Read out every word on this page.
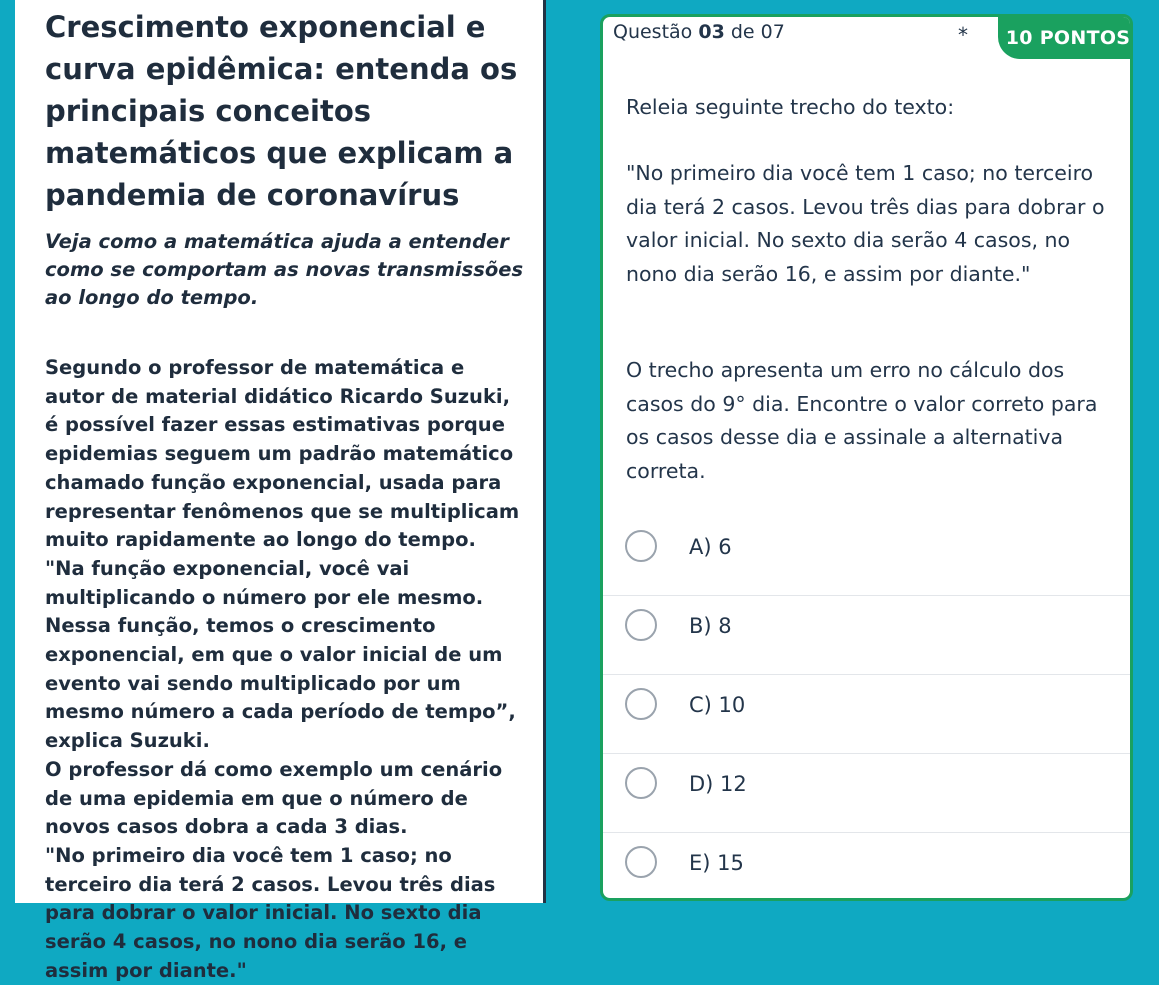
Crescimento exponencial e curva epidêmica: entenda os principais conceitos matemáticos que explicam a pandemia de coronavírus

Veja como a matemática ajuda a entender como se comportam as novas transmissões ao longo do tempo.

Segundo o professor de matemática e autor de material didático Ricardo Suzuki, é possível fazer essas estimativas porque epidemias seguem um padrão matemático chamado função exponencial, usada para representar fenômenos que se multiplicam muito rapidamente ao longo do tempo.

"Na função exponencial, você vai multiplicando o número por ele mesmo. Nessa função, temos o crescimento exponencial, em que o valor inicial de um evento vai sendo multiplicado por um mesmo número a cada período de tempo”, explica Suzuki.

O professor dá como exemplo um cenário de uma epidemia em que o número de novos casos dobra a cada 3 dias.

"No primeiro dia você tem 1 caso; no terceiro dia terá 2 casos. Levou três dias para dobrar o valor inicial. No sexto dia serão 4 casos, no nono dia serão 16, e assim por diante."

Questão 03 de 07	*	10 PONTOS

Releia seguinte trecho do texto:

"No primeiro dia você tem 1 caso; no terceiro dia terá 2 casos. Levou três dias para dobrar o valor inicial. No sexto dia serão 4 casos, no nono dia serão 16, e assim por diante."

O trecho apresenta um erro no cálculo dos casos do 9° dia. Encontre o valor correto para os casos desse dia e assinale a alternativa correta.

A) 6
B) 8
C) 10
D) 12
E) 15
